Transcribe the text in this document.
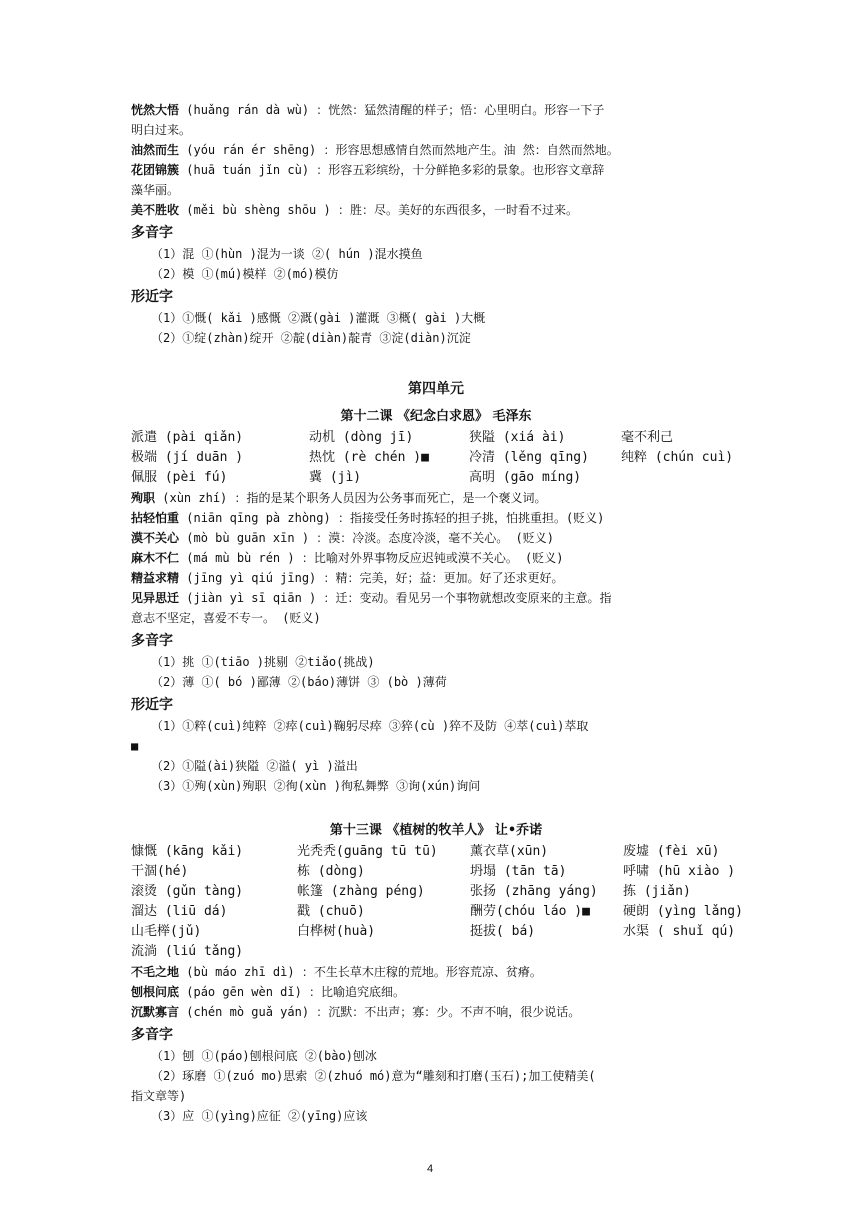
恍然大悟 (huǎng rán dà wù) ：恍然：猛然清醒的样子；悟：心里明白。形容一下子
明白过来。
油然而生 (yóu rán ér shēng) ：形容思想感情自然而然地产生。油 然：自然而然地。
花团锦簇 (huā tuán jǐn cù) ：形容五彩缤纷，十分鲜艳多彩的景象。也形容文章辞
藻华丽。
美不胜收 (měi bù shèng shōu ) ：胜：尽。美好的东西很多，一时看不过来。
多音字
（1）混 ①(hùn )混为一谈 ②( hún )混水摸鱼
（2）模 ①(mú)模样 ②(mó)模仿
形近字
（1）①慨( kǎi )感慨 ②溉(gài )灌溉 ③概( gài )大概
（2）①绽(zhàn)绽开 ②靛(diàn)靛青 ③淀(diàn)沉淀
第四单元
第十二课 《纪念白求恩》 毛泽东
派遣 (pài qiǎn)	动机 (dòng jī)	狭隘 (xiá ài)	毫不利己
极端 (jí duān )	热忱 (rè chén )■	冷清 (lěng qīng)	纯粹 (chún cuì)
佩服 (pèi fú)	冀 (jì)	高明 (gāo míng)
殉职 (xùn zhí) ：指的是某个职务人员因为公务事而死亡，是一个褒义词。
拈轻怕重 (niān qīng pà zhòng) ：指接受任务时拣轻的担子挑，怕挑重担。(贬义)
漠不关心 (mò bù guān xīn ) ：漠：冷淡。态度冷淡，毫不关心。 (贬义)
麻木不仁 (má mù bù rén ) ：比喻对外界事物反应迟钝或漠不关心。 (贬义)
精益求精 (jīng yì qiú jīng) ：精：完美，好；益：更加。好了还求更好。
见异思迁 (jiàn yì sī qiān ) ：迁：变动。看见另一个事物就想改变原来的主意。指
意志不坚定，喜爱不专一。 (贬义)
多音字
（1）挑 ①(tiāo )挑剔 ②tiǎo(挑战)
（2）薄 ①( bó )鄙薄 ②(báo)薄饼 ③ (bò )薄荷
形近字
（1）①粹(cuì)纯粹 ②瘁(cuì)鞠躬尽瘁 ③猝(cù )猝不及防 ④萃(cuì)萃取
■
（2）①隘(ài)狭隘 ②溢( yì )溢出
（3）①殉(xùn)殉职 ②徇(xùn )徇私舞弊 ③询(xún)询问
第十三课 《植树的牧羊人》 让•乔诺
慷慨 (kāng kǎi)	光秃秃(guāng tū tū)	薰衣草(xūn)	废墟 (fèi xū)
干涸(hé)	栋 (dòng)	坍塌 (tān tā)	呼啸 (hū xiào )
滚烫 (gǔn tàng)	帐篷 (zhàng péng)	张扬 (zhāng yáng)	拣 (jiǎn)
溜达 (liū dá)	戳 (chuō)	酬劳(chóu láo )■	硬朗 (yìng lǎng)
山毛榉(jǔ)	白桦树(huà)	挺拔( bá)	水渠 ( shuǐ qú)
流淌 (liú tǎng)
不毛之地 (bù máo zhī dì) ：不生长草木庄稼的荒地。形容荒凉、贫瘠。
刨根问底 (páo gēn wèn dǐ) ：比喻追究底细。
沉默寡言 (chén mò guǎ yán) ：沉默：不出声；寡：少。不声不响，很少说话。
多音字
（1）刨 ①(páo)刨根问底 ②(bào)刨冰
（2）琢磨 ①(zuó mo)思索 ②(zhuó mó)意为“雕刻和打磨(玉石);加工使精美(
指文章等)
（3）应 ①(yìng)应征 ②(yīng)应该
4
